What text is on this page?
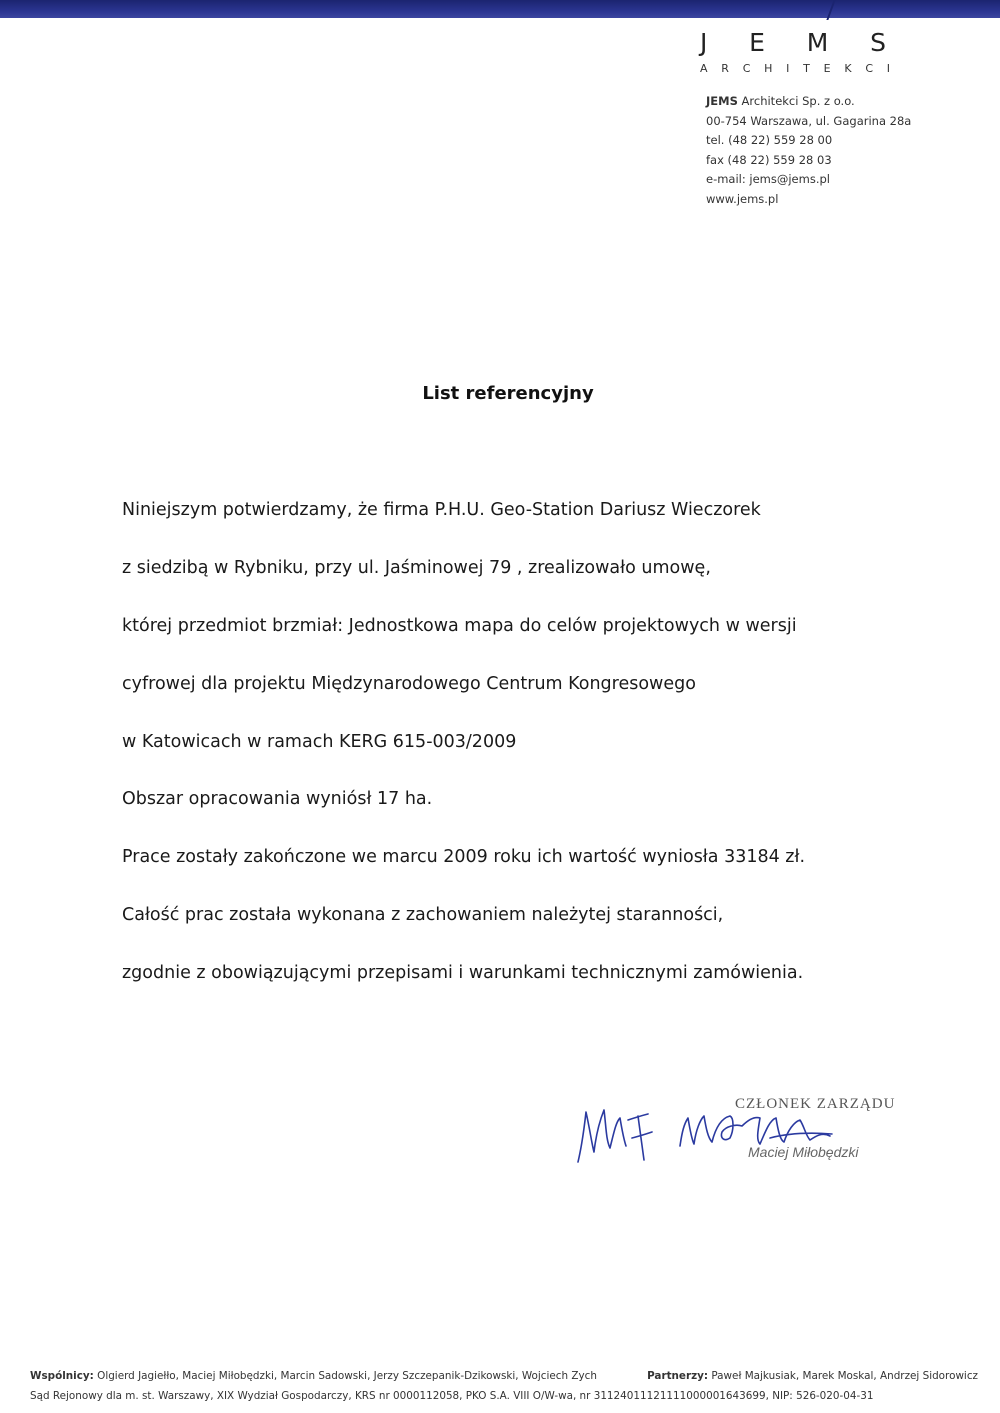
J E M S
A R C H I T E K C I
JEMS Architekci Sp. z o.o.
00-754 Warszawa, ul. Gagarina 28a
tel. (48 22) 559 28 00
fax (48 22) 559 28 03
e-mail: jems@jems.pl
www.jems.pl
List referencyjny

Niniejszym potwierdzamy, że firma P.H.U. Geo-Station Dariusz Wieczorek

z siedzibą w Rybniku, przy ul. Jaśminowej 79 , zrealizowało umowę,

której przedmiot brzmiał: Jednostkowa mapa do celów projektowych w wersji

cyfrowej dla projektu Międzynarodowego Centrum Kongresowego

w Katowicach w ramach KERG 615-003/2009

Obszar opracowania wyniósł 17 ha.

Prace zostały zakończone we marcu 2009 roku ich wartość wyniosła 33184 zł.

Całość prac została wykonana z zachowaniem należytej staranności,

zgodnie z obowiązującymi przepisami i warunkami technicznymi zamówienia.

CZŁONEK ZARZĄDU
Maciej Miłobędzki
Wspólnicy: Olgierd Jagiełło, Maciej Miłobędzki, Marcin Sadowski, Jerzy Szczepanik-Dzikowski, Wojciech Zych	Partnerzy: Paweł Majkusiak, Marek Moskal, Andrzej Sidorowicz
Sąd Rejonowy dla m. st. Warszawy, XIX Wydział Gospodarczy, KRS nr 0000112058, PKO S.A. VIII O/W-wa, nr 31124011121111000001643699, NIP: 526-020-04-31
